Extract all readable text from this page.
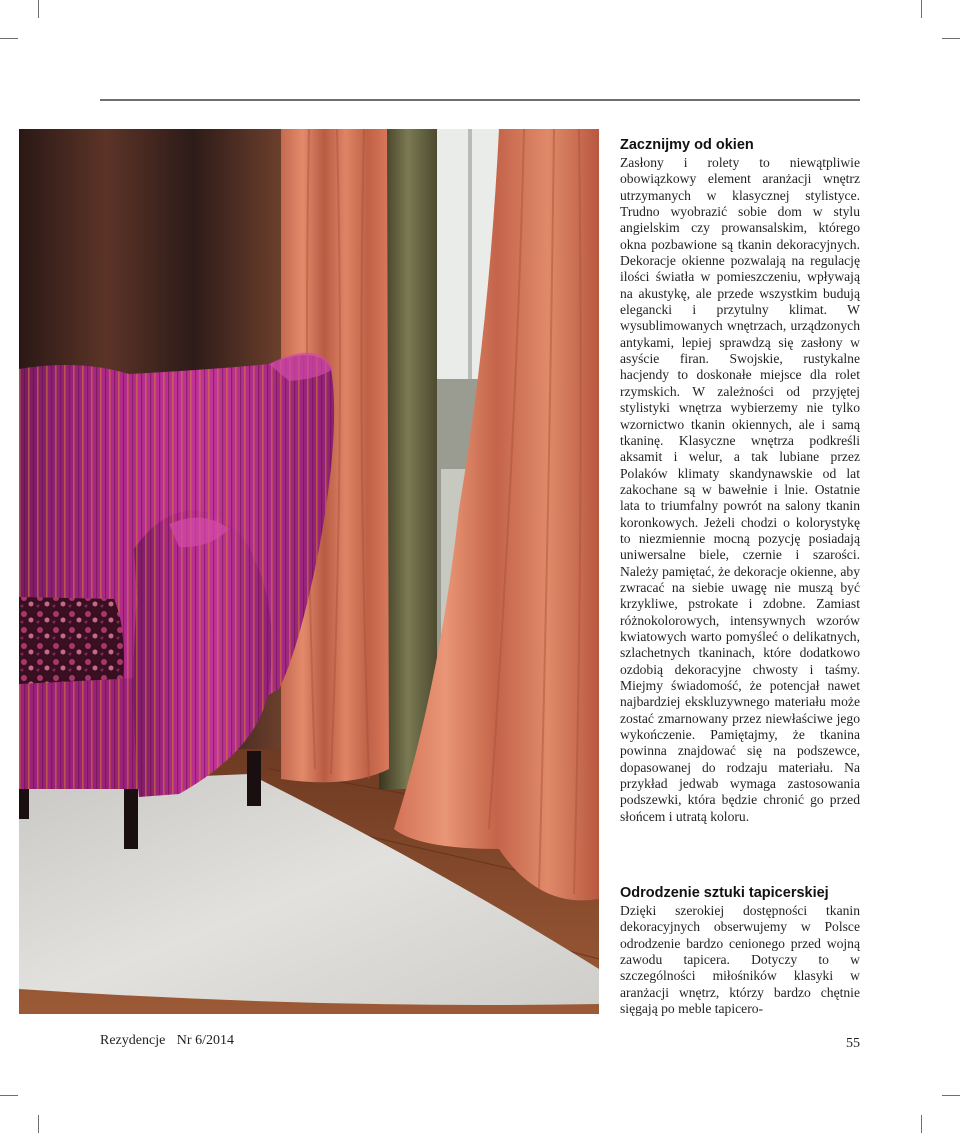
Zacznijmy od okien

Zasłony i rolety to niewątpliwie obowiązkowy element aranżacji wnętrz utrzymanych w klasycznej stylistyce. Trudno wyobrazić sobie dom w stylu angielskim czy prowansalskim, którego okna pozbawione są tkanin dekoracyjnych. Dekoracje okienne pozwalają na regulację ilości światła w pomieszczeniu, wpływają na akustykę, ale przede wszystkim budują elegancki i przytulny klimat. W wysublimowanych wnętrzach, urządzonych antykami, lepiej sprawdzą się zasłony w asyście firan. Swojskie, rustykalne hacjendy to doskonałe miejsce dla rolet rzymskich. W zależności od przyjętej stylistyki wnętrza wybierzemy nie tylko wzornictwo tkanin okiennych, ale i samą tkaninę. Klasyczne wnętrza podkreśli aksamit i welur, a tak lubiane przez Polaków klimaty skandynawskie od lat zakochane są w bawełnie i lnie. Ostatnie lata to triumfalny powrót na salony tkanin koronkowych. Jeżeli chodzi o kolorystykę to niezmiennie mocną pozycję posiadają uniwersalne biele, czernie i szarości. Należy pamiętać, że dekoracje okienne, aby zwracać na siebie uwagę nie muszą być krzykliwe, pstrokate i zdobne. Zamiast różnokolorowych, intensywnych wzorów kwiatowych warto pomyśleć o delikatnych, szlachetnych tkaninach, które dodatkowo ozdobią dekoracyjne chwosty i taśmy. Miejmy świadomość, że potencjał nawet najbardziej ekskluzywnego materiału może zostać zmarnowany przez niewłaściwe jego wykończenie. Pamiętajmy, że tkanina powinna znajdować się na podszewce, dopasowanej do rodzaju materiału. Na przykład jedwab wymaga zastosowania podszewki, która będzie chronić go przed słońcem i utratą koloru.

Odrodzenie sztuki tapicerskiej

Dzięki szerokiej dostępności tkanin dekoracyjnych obserwujemy w Polsce odrodzenie bardzo cenionego przed wojną zawodu tapicera. Dotyczy to w szczególności miłośników klasyki w aranżacji wnętrz, którzy bardzo chętnie sięgają po meble tapicero-

Rezydencje Nr 6/2014	55
